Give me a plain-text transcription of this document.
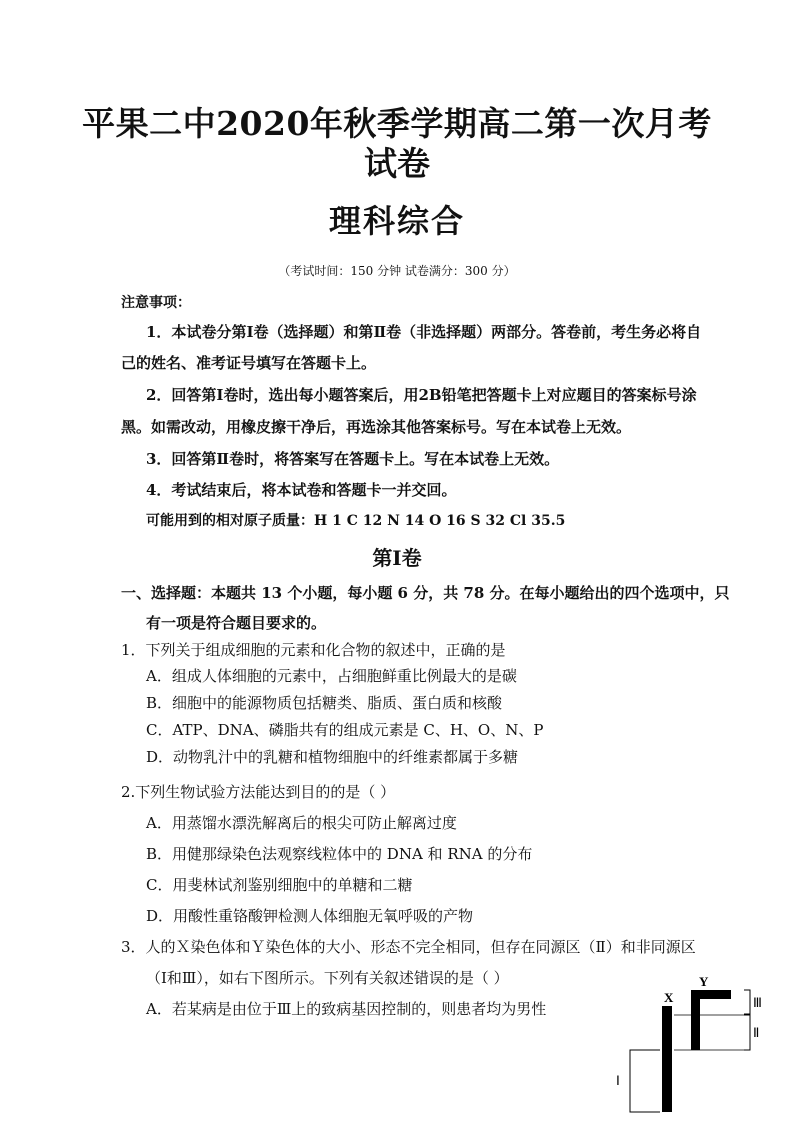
平果二中2020年秋季学期高二第一次月考
试卷
理科综合
（考试时间：150 分钟 试卷满分：300 分）
注意事项：
1．本试卷分第Ⅰ卷（选择题）和第Ⅱ卷（非选择题）两部分。答卷前，考生务必将自
己的姓名、准考证号填写在答题卡上。
2．回答第Ⅰ卷时，选出每小题答案后，用2B铅笔把答题卡上对应题目的答案标号涂
黑。如需改动，用橡皮擦干净后，再选涂其他答案标号。写在本试卷上无效。
3．回答第Ⅱ卷时，将答案写在答题卡上。写在本试卷上无效。
4．考试结束后，将本试卷和答题卡一并交回。
可能用到的相对原子质量：H 1 C 12 N 14 O 16 S 32 Cl 35.5
第Ⅰ卷
一、选择题：本题共 13 个小题，每小题 6 分，共 78 分。在每小题给出的四个选项中，只
有一项是符合题目要求的。
1．下列关于组成细胞的元素和化合物的叙述中，正确的是
A．组成人体细胞的元素中，占细胞鲜重比例最大的是碳
B．细胞中的能源物质包括糖类、脂质、蛋白质和核酸
C．ATP、DNA、磷脂共有的组成元素是 C、H、O、N、P
D．动物乳汁中的乳糖和植物细胞中的纤维素都属于多糖
2.下列生物试验方法能达到目的的是（ ）
A．用蒸馏水漂洗解离后的根尖可防止解离过度
B．用健那绿染色法观察线粒体中的 DNA 和 RNA 的分布
C．用斐林试剂鉴别细胞中的单糖和二糖
D．用酸性重铬酸钾检测人体细胞无氧呼吸的产物
3．人的Ｘ染色体和Ｙ染色体的大小、形态不完全相同，但存在同源区（Ⅱ）和非同源区
（Ⅰ和Ⅲ），如右下图所示。下列有关叙述错误的是（ ）
A．若某病是由位于Ⅲ上的致病基因控制的，则患者均为男性
X
Y
Ⅲ
Ⅱ
Ⅰ
